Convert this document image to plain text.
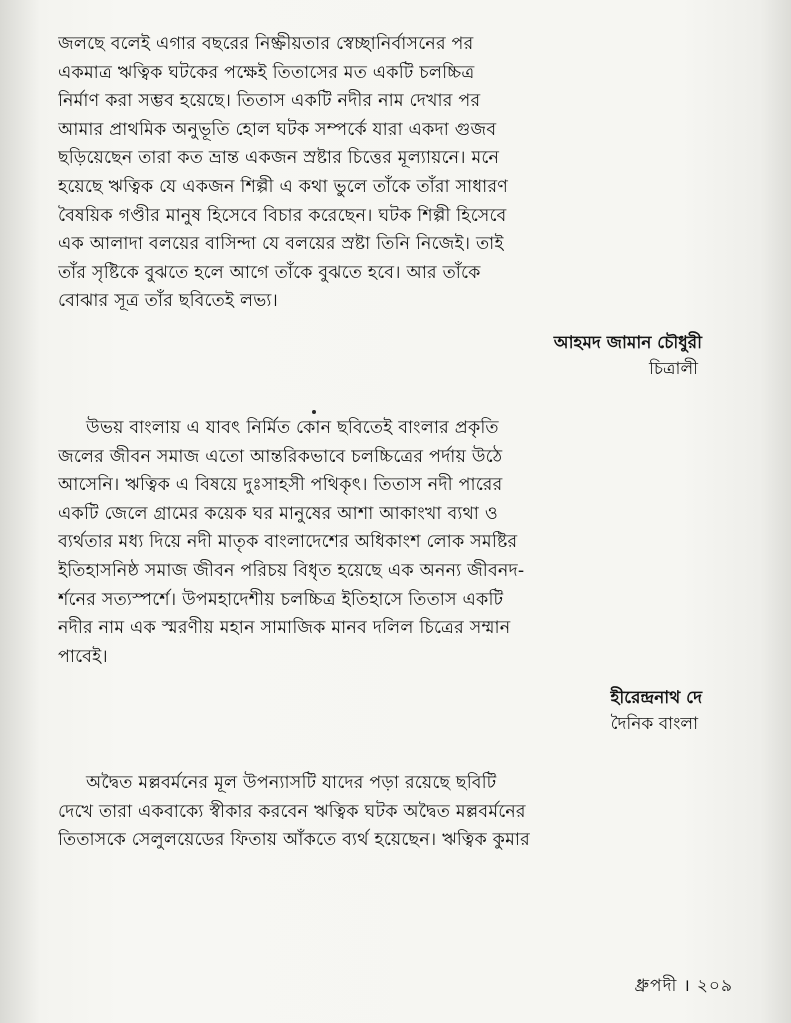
জলছে বলেই এগার বছরের নিষ্ক্রীয়তার স্বেচ্ছানির্বাসনের পর
একমাত্র ঋত্বিক ঘটকের পক্ষেই তিতাসের মত একটি চলচ্চিত্র
নির্মাণ করা সম্ভব হয়েছে। তিতাস একটি নদীর নাম দেখার পর
আমার প্রাথমিক অনুভূতি হোল ঘটক সম্পর্কে যারা একদা গুজব
ছড়িয়েছেন তারা কত ভ্রান্ত একজন স্রষ্টার চিত্তের মূল্যায়নে। মনে
হয়েছে ঋত্বিক যে একজন শিল্পী এ কথা ভুলে তাঁকে তাঁরা সাধারণ
বৈষয়িক গণ্ডীর মানুষ হিসেবে বিচার করেছেন। ঘটক শিল্পী হিসেবে
এক আলাদা বলয়ের বাসিন্দা যে বলয়ের স্রষ্টা তিনি নিজেই। তাই
তাঁর সৃষ্টিকে বুঝতে হলে আগে তাঁকে বুঝতে হবে। আর তাঁকে
বোঝার সূত্র তাঁর ছবিতেই লভ্য।
আহমদ জামান চৌধুরী
চিত্রালী
উভয় বাংলায় এ যাবৎ নির্মিত কোন ছবিতেই বাংলার প্রকৃতি
জলের জীবন সমাজ এতো আন্তরিকভাবে চলচ্চিত্রের পর্দায় উঠে
আসেনি। ঋত্বিক এ বিষয়ে দুঃসাহসী পথিকৃৎ। তিতাস নদী পারের
একটি জেলে গ্রামের কয়েক ঘর মানুষের আশা আকাংখা ব্যথা ও
ব্যর্থতার মধ্য দিয়ে নদী মাতৃক বাংলাদেশের অধিকাংশ লোক সমষ্টির
ইতিহাসনিষ্ঠ সমাজ জীবন পরিচয় বিধৃত হয়েছে এক অনন্য জীবনদ-
র্শনের সত্যস্পর্শে। উপমহাদেশীয় চলচ্চিত্র ইতিহাসে তিতাস একটি
নদীর নাম এক স্মরণীয় মহান সামাজিক মানব দলিল চিত্রের সম্মান
পাবেই।
হীরেন্দ্রনাথ দে
দৈনিক বাংলা
অদ্বৈত মল্লবর্মনের মূল উপন্যাসটি যাদের পড়া রয়েছে ছবিটি
দেখে তারা একবাক্যে স্বীকার করবেন ঋত্বিক ঘটক অদ্বৈত মল্লবর্মনের
তিতাসকে সেলুলয়েডের ফিতায় আঁকতে ব্যর্থ হয়েছেন। ঋত্বিক কুমার
ধ্রুপদী । ২০৯
